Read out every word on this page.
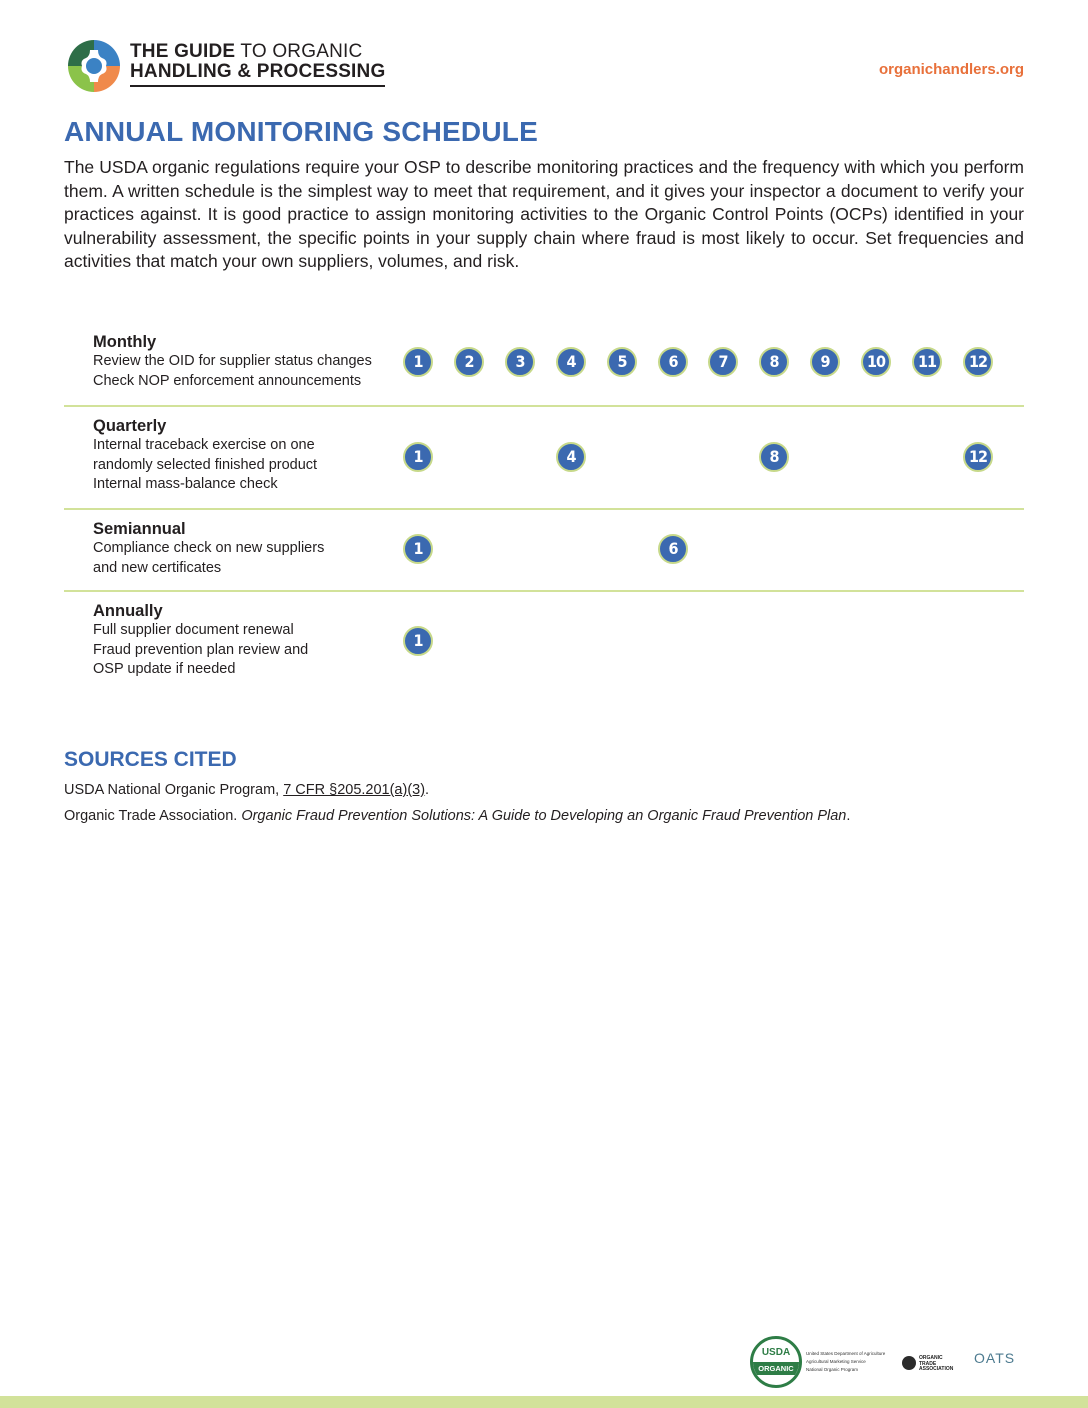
THE GUIDE TO ORGANIC
HANDLING & PROCESSING	organichandlers.org
ANNUAL MONITORING SCHEDULE

The USDA organic regulations require your OSP to describe monitoring practices and the frequency with which you perform them. A written schedule is the simplest way to meet that requirement, and it gives your inspector a document to verify your practices against. It is good practice to assign monitoring activities to the Organic Control Points (OCPs) identified in your vulnerability assessment, the specific points in your supply chain where fraud is most likely to occur. Set frequencies and activities that match your own suppliers, volumes, and risk.

Monthly
Review the OID for supplier status changes
Check NOP enforcement announcements
1	2	3	4	5	6	7	8	9	10	11	12
Quarterly
Internal traceback exercise on one
randomly selected finished product
Internal mass-balance check
1	4	8	12
Semiannual
Compliance check on new suppliers
and new certificates
1	6
Annually
Full supplier document renewal
Fraud prevention plan review and
OSP update if needed
1
SOURCES CITED
USDA National Organic Program, 7 CFR §205.201(a)(3).
Organic Trade Association. Organic Fraud Prevention Solutions: A Guide to Developing an Organic Fraud Prevention Plan.
USDA
ORGANIC
United States Department of Agriculture
Agricultural Marketing Service
National Organic Program
ORGANIC
TRADE
ASSOCIATION
OATS
